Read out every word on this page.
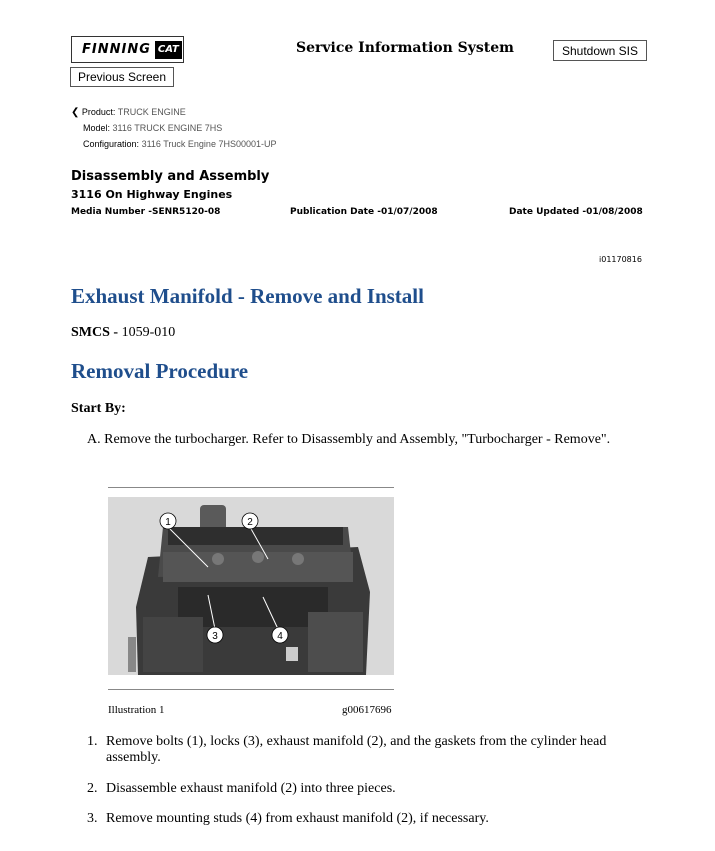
FINNING CAT	Service Information System	Shutdown SIS
Previous Screen
❮ Product: TRUCK ENGINE
Model: 3116 TRUCK ENGINE 7HS
Configuration: 3116 Truck Engine 7HS00001-UP
Disassembly and Assembly
3116 On Highway Engines
Media Number -SENR5120-08	Publication Date -01/07/2008	Date Updated -01/08/2008
i01170816
Exhaust Manifold - Remove and Install
SMCS - 1059-010
Removal Procedure
Start By:
A. Remove the turbocharger. Refer to Disassembly and Assembly, "Turbocharger - Remove".
1	2
3	4
Illustration 1	g00617696
1. Remove bolts (1), locks (3), exhaust manifold (2), and the gaskets from the cylinder head assembly.
2. Disassemble exhaust manifold (2) into three pieces.
3. Remove mounting studs (4) from exhaust manifold (2), if necessary.
